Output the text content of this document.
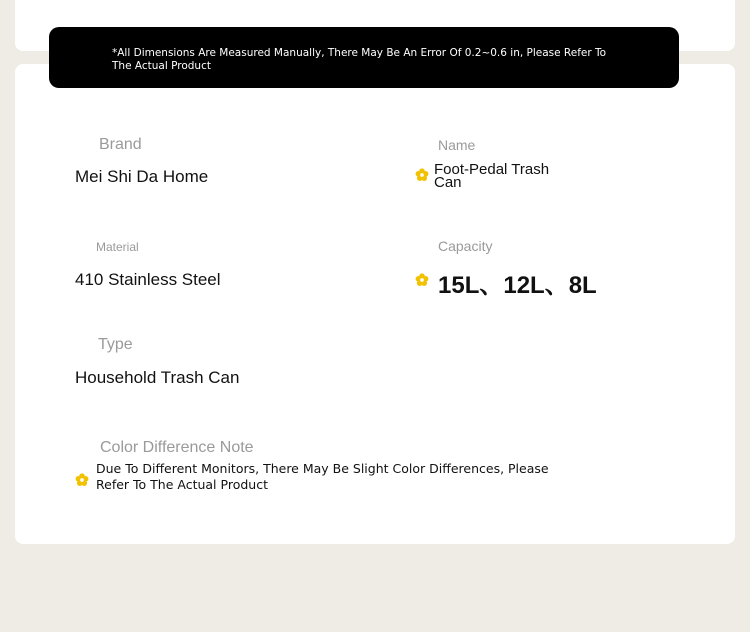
*All Dimensions Are Measured Manually, There May Be An Error Of 0.2~0.6 in, Please Refer To The Actual Product
Brand
Mei Shi Da Home
Name
Foot-Pedal Trash
Can
Material
410 Stainless Steel
Capacity
15L、12L、8L
Type
Household Trash Can
Color Difference Note
Due To Different Monitors, There May Be Slight Color Differences, Please
Refer To The Actual Product
